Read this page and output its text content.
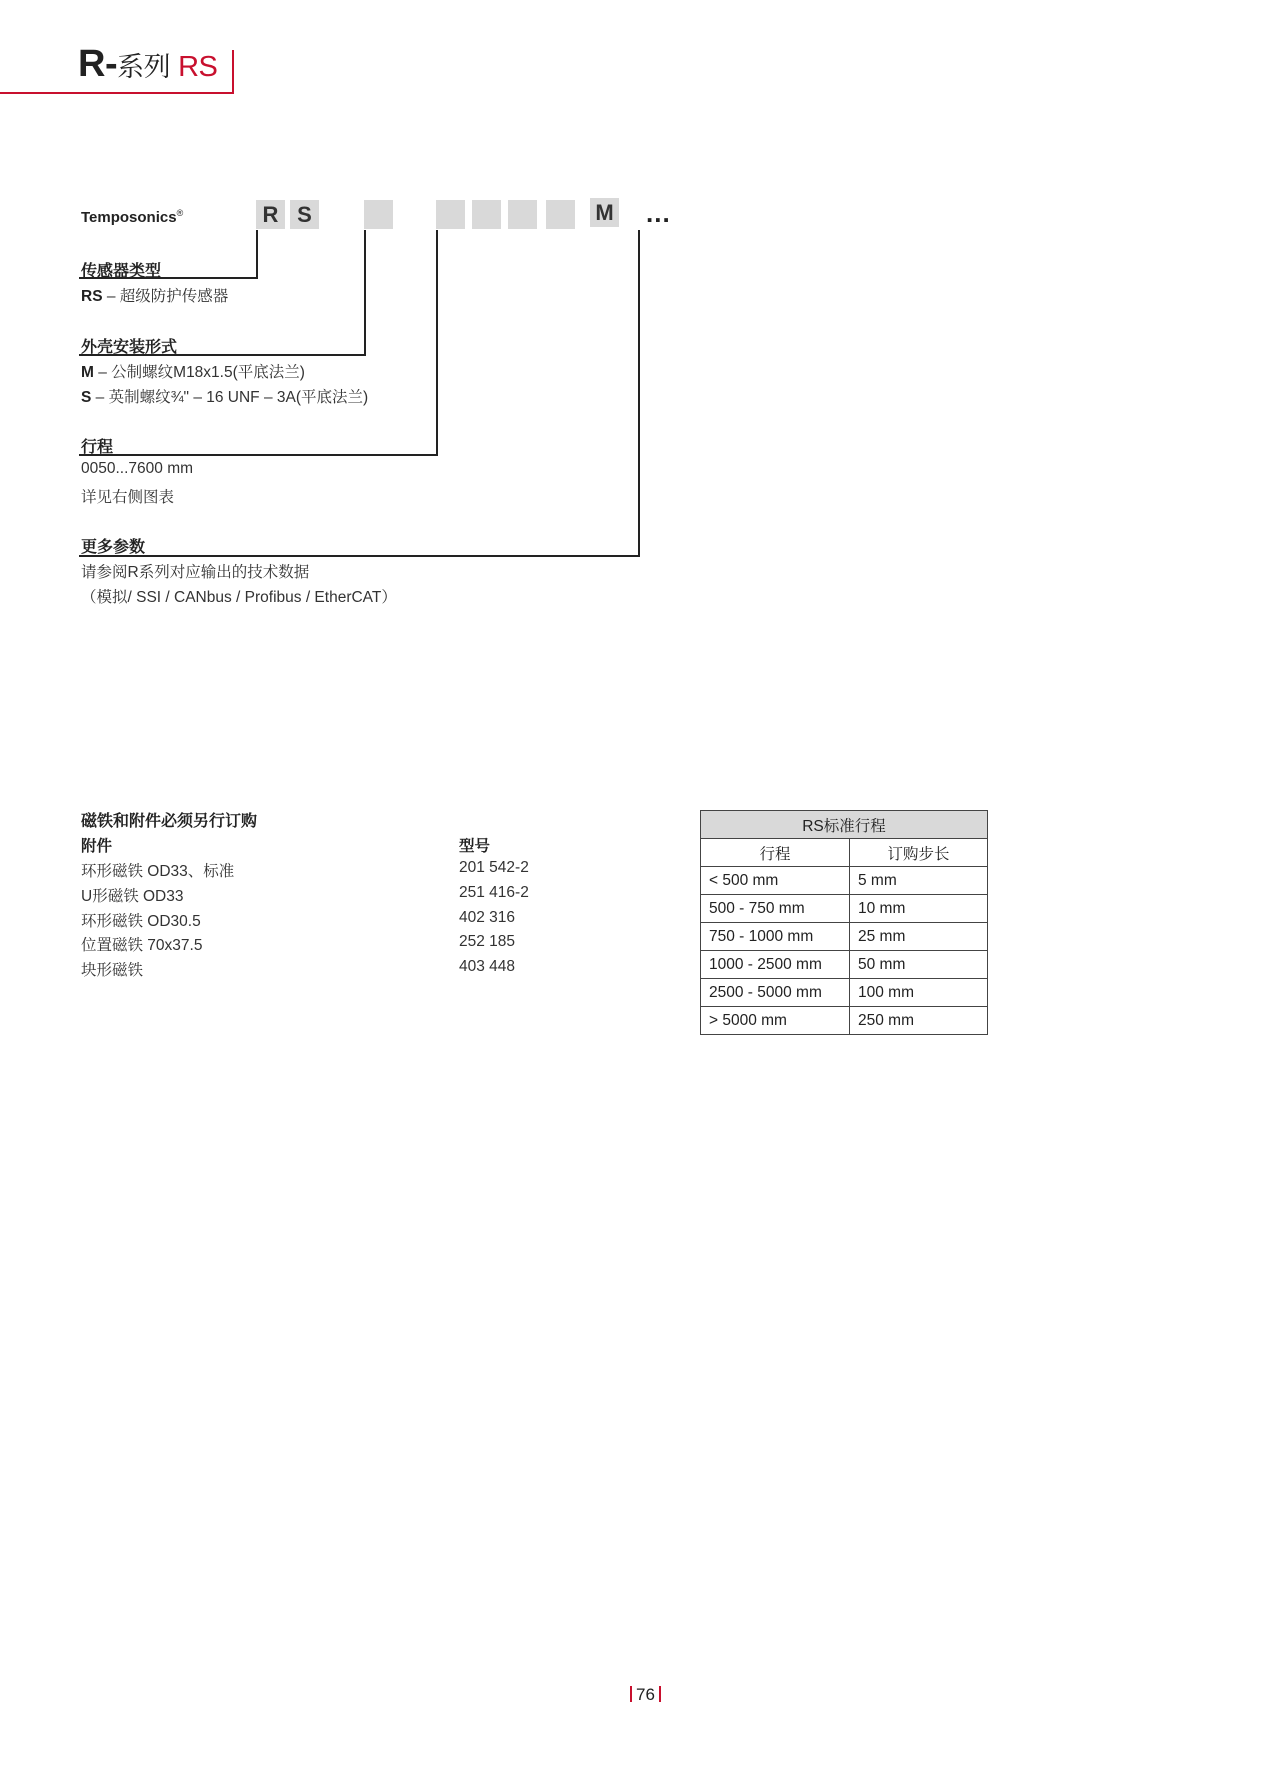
R-系列 RS
Temposonics®	R S	M ...
传感器类型
RS – 超级防护传感器
外壳安装形式
M – 公制螺纹M18x1.5(平底法兰)
S – 英制螺纹¾" – 16 UNF – 3A(平底法兰)
行程
0050...7600 mm
详见右侧图表
更多参数
请参阅R系列对应输出的技术数据
（模拟/ SSI / CANbus / Profibus / EtherCAT）
磁铁和附件必须另行订购
附件	型号
环形磁铁 OD33、标准	201 542-2
U形磁铁 OD33	251 416-2
环形磁铁 OD30.5	402 316
位置磁铁 70x37.5	252 185
块形磁铁	403 448
RS标准行程	
行程	订购步长
< 500 mm	5 mm
500 - 750 mm	10 mm
750 - 1000 mm	25 mm
1000 - 2500 mm	50 mm
2500 - 5000 mm	100 mm
> 5000 mm	250 mm
76
